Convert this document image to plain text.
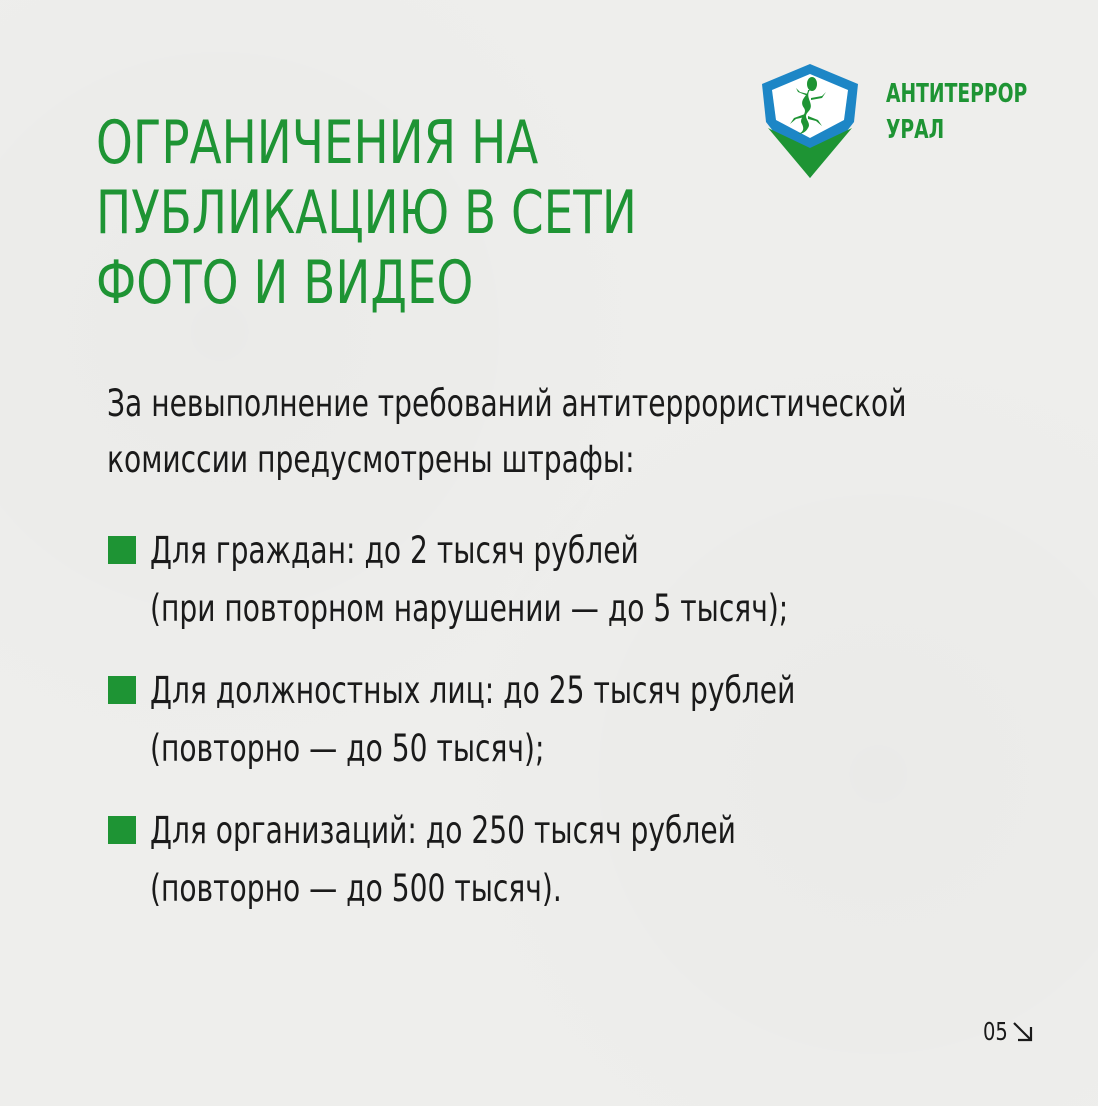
ОГРАНИЧЕНИЯ НА
ПУБЛИКАЦИЮ В СЕТИ
ФОТО И ВИДЕО
АНТИТЕРРОР
УРАЛ

За невыполнение требований антитеррористической
комиссии предусмотрены штрафы:

Для граждан: до 2 тысяч рублей
(при повторном нарушении — до 5 тысяч);
Для должностных лиц: до 25 тысяч рублей
(повторно — до 50 тысяч);
Для организаций: до 250 тысяч рублей
(повторно — до 500 тысяч).
05
